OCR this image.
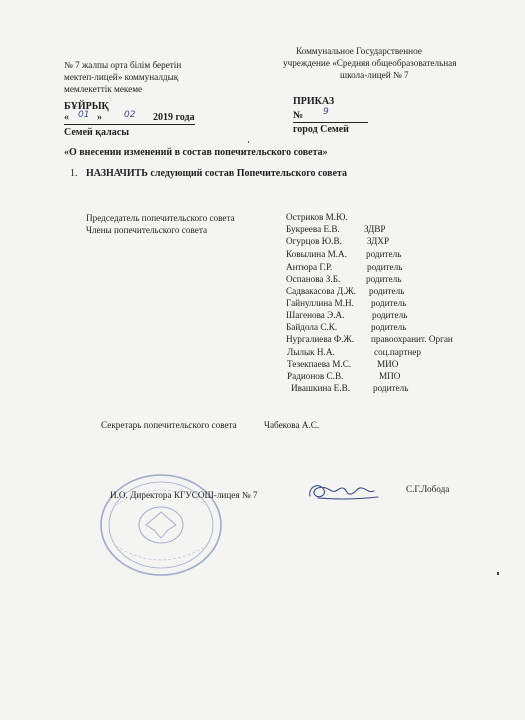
№ 7 жалпы орта білім беретін
мектеп-лицей» коммуналдық
мемлекеттік мекеме
Коммунальное Государственное
учреждение «Средняя общеобразовательная
школа-лицей № 7
БҰЙРЫҚ
« 01 » 02 2019 года
Семей қаласы
ПРИКАЗ
№ 9
город Семей
«О внесении изменений в состав попечительского совета»
1. НАЗНАЧИТЬ следующий состав Попечительского совета
Председатель попечительского совета
Члены попечительского совета
Остриков М.Ю.
Букреева Е.В.	ЗДВР
Огурцов Ю.В.	ЗДХР
Ковылина М.А. родитель
Антюра Г.Р.	родитель
Оспанова З.Б.	родитель
Садвакасова Д.Ж. родитель
Гайнуллина М.Н. родитель
Шагенова Э.А.	родитель
Байдола С.К.	родитель
Нургалиева Ф.Ж. правоохранит. Орган
Лылык Н.А.	соц.партнер
Тезекпаева М.С.	МИО
Радионов С.В.	МПО
Ивашкина Е.В. родитель
Секретарь попечительского совета	Чабекова А.С.
И.О. Директора КГУСОШ-лицея № 7
С.Г.Лобода
